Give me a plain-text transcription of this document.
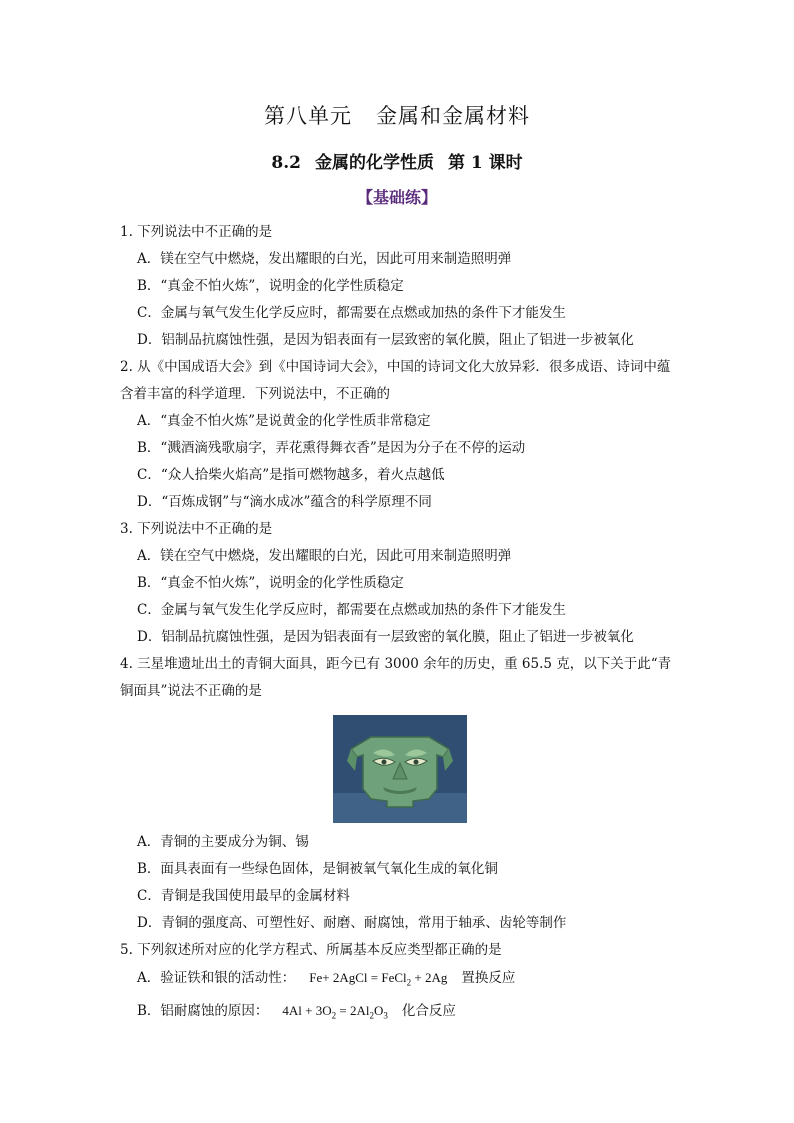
第八单元 金属和金属材料
8.2 金属的化学性质 第 1 课时
【基础练】

1. 下列说法中不正确的是

A．镁在空气中燃烧，发出耀眼的白光，因此可用来制造照明弹

B．“真金不怕火炼”，说明金的化学性质稳定

C．金属与氧气发生化学反应时，都需要在点燃或加热的条件下才能发生

D．铝制品抗腐蚀性强，是因为铝表面有一层致密的氧化膜，阻止了铝进一步被氧化

2. 从《中国成语大会》到《中国诗词大会》，中国的诗词文化大放异彩．很多成语、诗词中蕴含着丰富的科学道理．下列说法中，不正确的

A．“真金不怕火炼”是说黄金的化学性质非常稳定

B．“溅酒滴残歌扇字，弄花熏得舞衣香”是因为分子在不停的运动

C．“众人拾柴火焰高”是指可燃物越多，着火点越低

D．“百炼成钢”与“滴水成冰”蕴含的科学原理不同

3. 下列说法中不正确的是

A．镁在空气中燃烧，发出耀眼的白光，因此可用来制造照明弹

B．“真金不怕火炼”，说明金的化学性质稳定

C．金属与氧气发生化学反应时，都需要在点燃或加热的条件下才能发生

D．铝制品抗腐蚀性强，是因为铝表面有一层致密的氧化膜，阻止了铝进一步被氧化

4. 三星堆遗址出土的青铜大面具，距今已有 3000 余年的历史，重 65.5 克，以下关于此“青铜面具”说法不正确的是

A．青铜的主要成分为铜、锡

B．面具表面有一些绿色固体，是铜被氧气氧化生成的氧化铜

C．青铜是我国使用最早的金属材料

D．青铜的强度高、可塑性好、耐磨、耐腐蚀，常用于轴承、齿轮等制作

5. 下列叙述所对应的化学方程式、所属基本反应类型都正确的是

A．验证铁和银的活动性： Fe+ 2AgCl = FeCl$_2$ + 2Ag 置换反应

B．铝耐腐蚀的原因： $4Al + 3O_2 = 2Al_2O_3$ 化合反应
